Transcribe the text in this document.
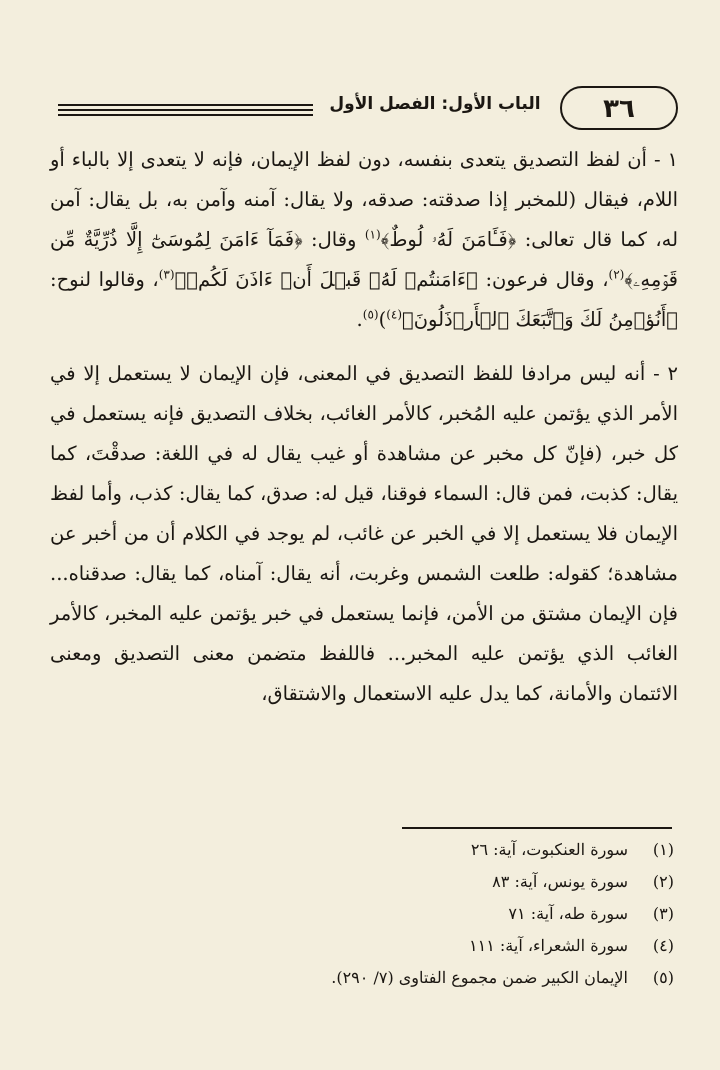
الباب الأول: الفصل الأول	٣٦

١ - أن لفظ التصديق يتعدى بنفسه، دون لفظ الإيمان، فإنه لا يتعدى إلا بالباء أو اللام، فيقال (للمخبر إذا صدقته: صدقه، ولا يقال: آمنه وآمن به، بل يقال: آمن له، كما قال تعالى: ﴿فَـَٔامَنَ لَهُۥ لُوطٌ﴾$^{(١)}$ وقال: ﴿فَمَآ ءَامَنَ لِمُوسَىٰٓ إِلَّا ذُرِّيَّةٌ مِّن قَوۡمِهِۦ﴾$^{(٢)}$، وقال فرعون: ﴿ءَامَنتُمۡ لَهُۥ قَبۡلَ أَنۡ ءَاذَنَ لَكُمۡ﴾$^{(٣)}$، وقالوا لنوح: ﴿أَنُؤۡمِنُ لَكَ وَٱتَّبَعَكَ ٱلۡأَرۡذَلُونَ﴾$^{(٤)}$)$^{(٥)}$.

٢ - أنه ليس مرادفا للفظ التصديق في المعنى، فإن الإيمان لا يستعمل إلا في الأمر الذي يؤتمن عليه المُخبر، كالأمر الغائب، بخلاف التصديق فإنه يستعمل في كل خبر، (فإنّ كل مخبر عن مشاهدة أو غيب يقال له في اللغة: صدقْتَ، كما يقال: كذبت، فمن قال: السماء فوقنا، قيل له: صدق، كما يقال: كذب، وأما لفظ الإيمان فلا يستعمل إلا في الخبر عن غائب، لم يوجد في الكلام أن من أخبر عن مشاهدة؛ كقوله: طلعت الشمس وغربت، أنه يقال: آمناه، كما يقال: صدقناه... فإن الإيمان مشتق من الأمن، فإنما يستعمل في خبر يؤتمن عليه المخبر، كالأمر الغائب الذي يؤتمن عليه المخبر... فاللفظ متضمن معنى التصديق ومعنى الائتمان والأمانة، كما يدل عليه الاستعمال والاشتقاق،

(١)سورة العنكبوت، آية: ٢٦
(٢)سورة يونس، آية: ٨٣
(٣)سورة طه، آية: ٧١
(٤)سورة الشعراء، آية: ١١١
(٥)الإيمان الكبير ضمن مجموع الفتاوى (٧/ ٢٩٠).
